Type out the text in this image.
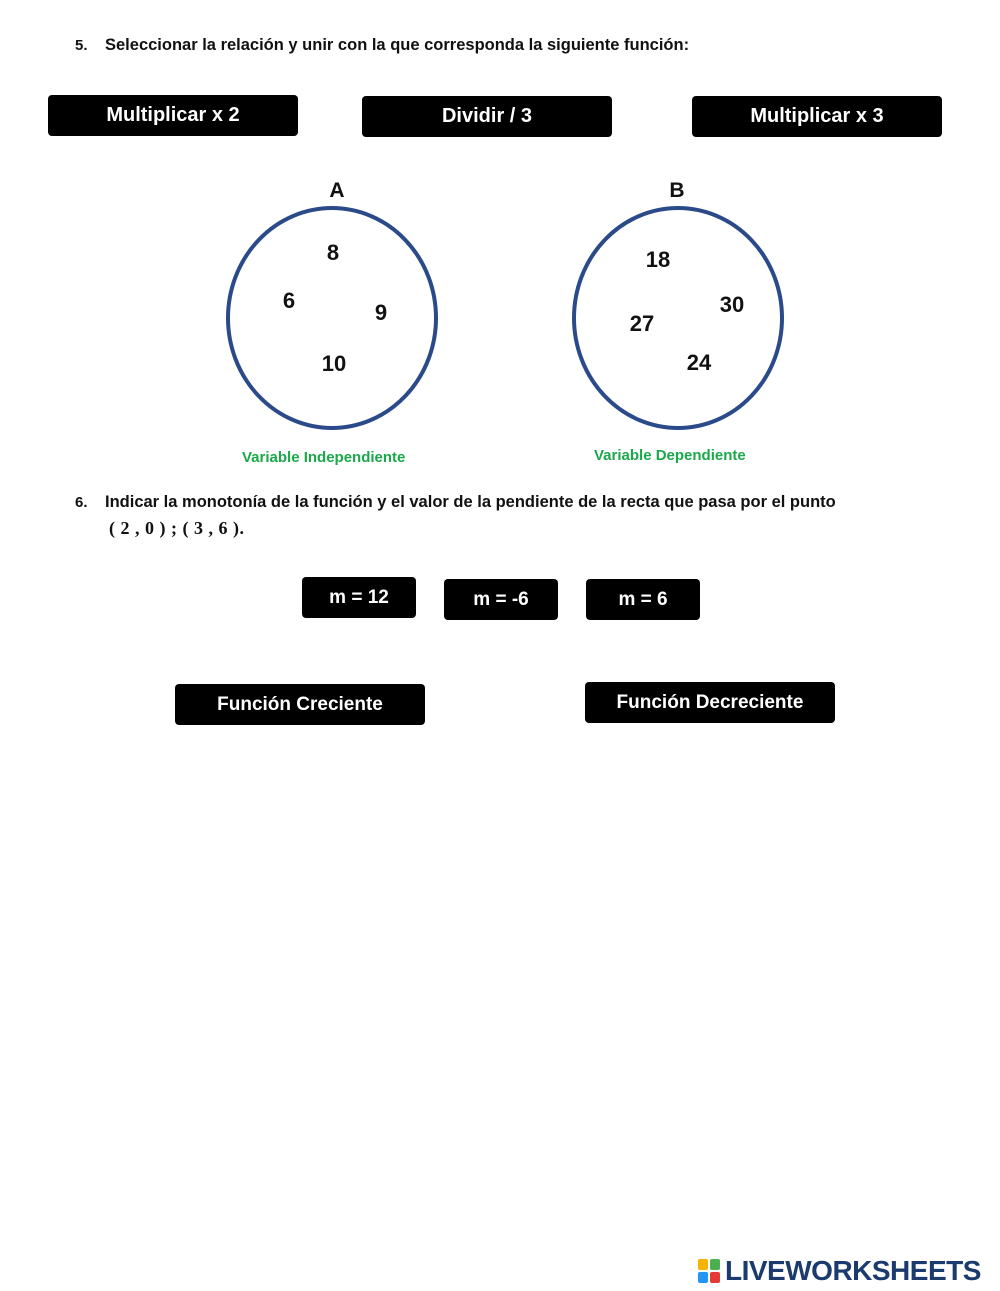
5. Seleccionar la relación y unir con la que corresponda la siguiente función:
Multiplicar x 2	Dividir / 3	Multiplicar x 3
A	B
8
6	9
10
18
30
27
24
Variable Independiente	Variable Dependiente
6. Indicar la monotonía de la función y el valor de la pendiente de la recta que pasa por el punto
( 2 , 0 ) ; ( 3 , 6 ).
m = 12	m = -6	m = 6
Función Creciente	Función Decreciente
LIVEWORKSHEETS
